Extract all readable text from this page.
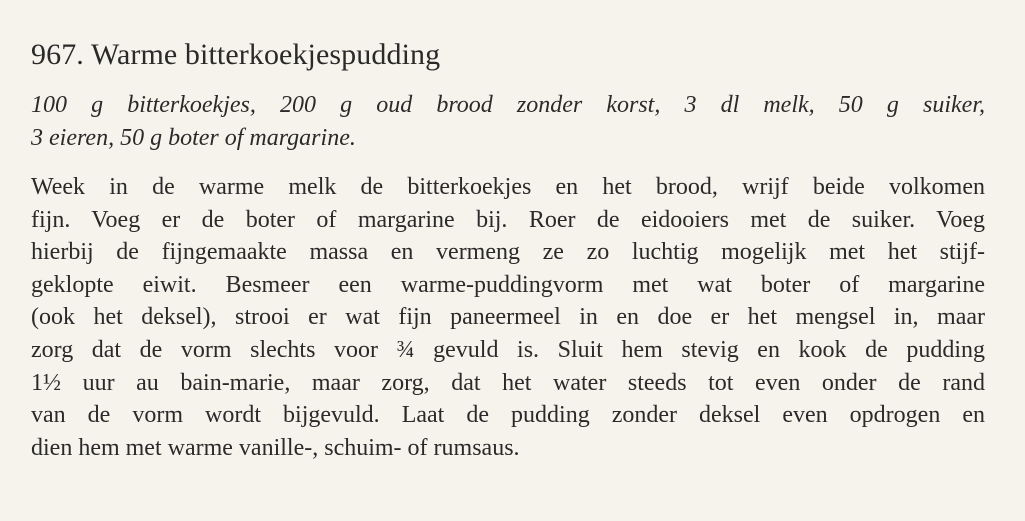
967. Warme bitterkoekjespudding
100 g bitterkoekjes, 200 g oud brood zonder korst, 3 dl melk, 50 g suiker,
3 eieren, 50 g boter of margarine.
Week in de warme melk de bitterkoekjes en het brood, wrijf beide volkomen
fijn. Voeg er de boter of margarine bij. Roer de eidooiers met de suiker. Voeg
hierbij de fijngemaakte massa en vermeng ze zo luchtig mogelijk met het stijf-
geklopte eiwit. Besmeer een warme-puddingvorm met wat boter of margarine
(ook het deksel), strooi er wat fijn paneermeel in en doe er het mengsel in, maar
zorg dat de vorm slechts voor ¾ gevuld is. Sluit hem stevig en kook de pudding
1½ uur au bain-marie, maar zorg, dat het water steeds tot even onder de rand
van de vorm wordt bijgevuld. Laat de pudding zonder deksel even opdrogen en
dien hem met warme vanille-, schuim- of rumsaus.
